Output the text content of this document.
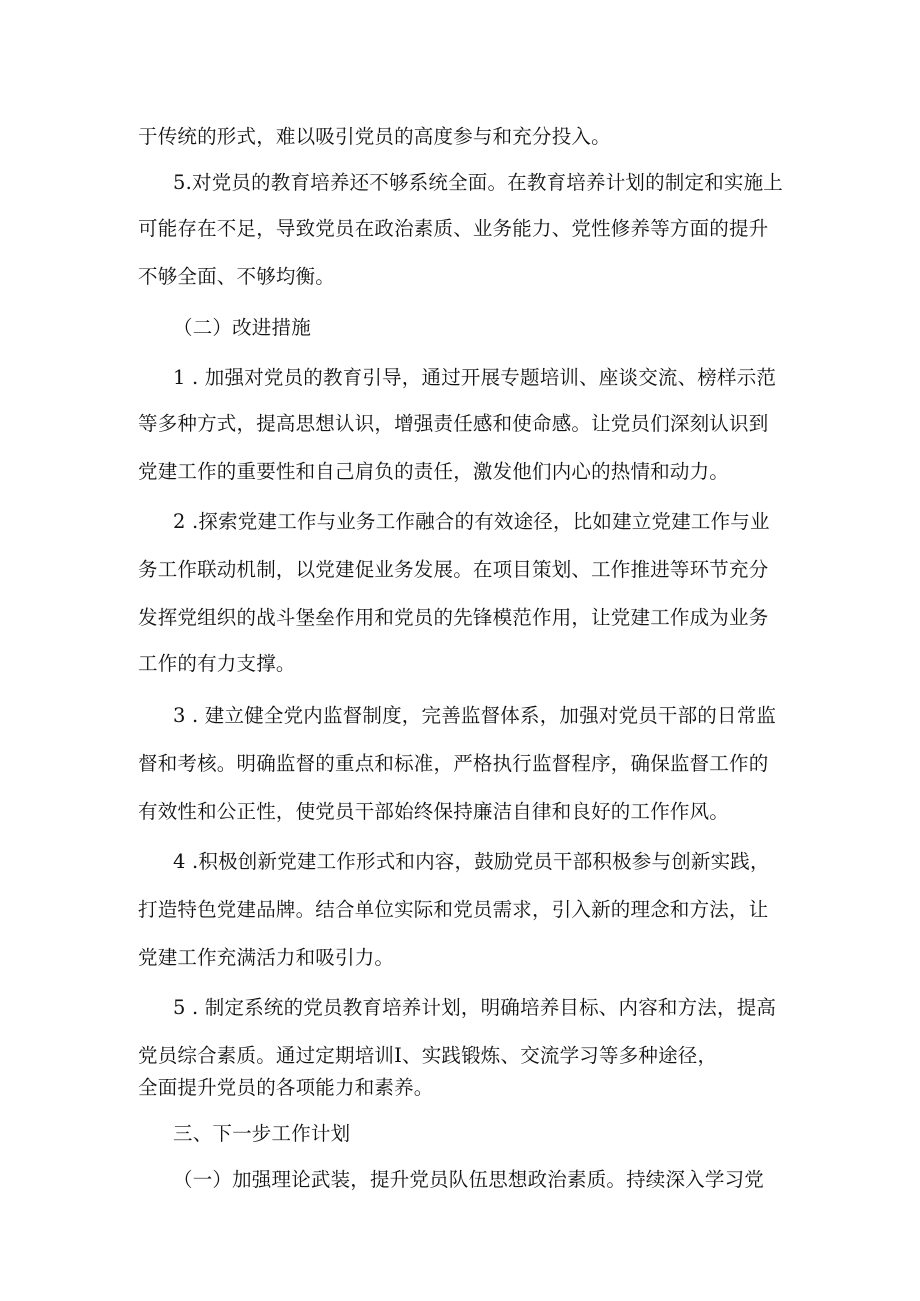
于传统的形式，难以吸引党员的高度参与和充分投入。
5.对党员的教育培养还不够系统全面。在教育培养计划的制定和实施上
可能存在不足，导致党员在政治素质、业务能力、党性修养等方面的提升
不够全面、不够均衡。
（二）改进措施
1 . 加强对党员的教育引导，通过开展专题培训、座谈交流、榜样示范
等多种方式，提高思想认识，增强责任感和使命感。让党员们深刻认识到
党建工作的重要性和自己肩负的责任，激发他们内心的热情和动力。
2 .探索党建工作与业务工作融合的有效途径，比如建立党建工作与业
务工作联动机制，以党建促业务发展。在项目策划、工作推进等环节充分
发挥党组织的战斗堡垒作用和党员的先锋模范作用，让党建工作成为业务
工作的有力支撑。
3 . 建立健全党内监督制度，完善监督体系，加强对党员干部的日常监
督和考核。明确监督的重点和标准，严格执行监督程序，确保监督工作的
有效性和公正性，使党员干部始终保持廉洁自律和良好的工作作风。
4 .积极创新党建工作形式和内容，鼓励党员干部积极参与创新实践，
打造特色党建品牌。结合单位实际和党员需求，引入新的理念和方法，让
党建工作充满活力和吸引力。
5 . 制定系统的党员教育培养计划，明确培养目标、内容和方法，提高
党员综合素质。通过定期培训I、实践锻炼、交流学习等多种途径，
全面提升党员的各项能力和素养。
三、下一步工作计划
（一）加强理论武装，提升党员队伍思想政治素质。持续深入学习党
